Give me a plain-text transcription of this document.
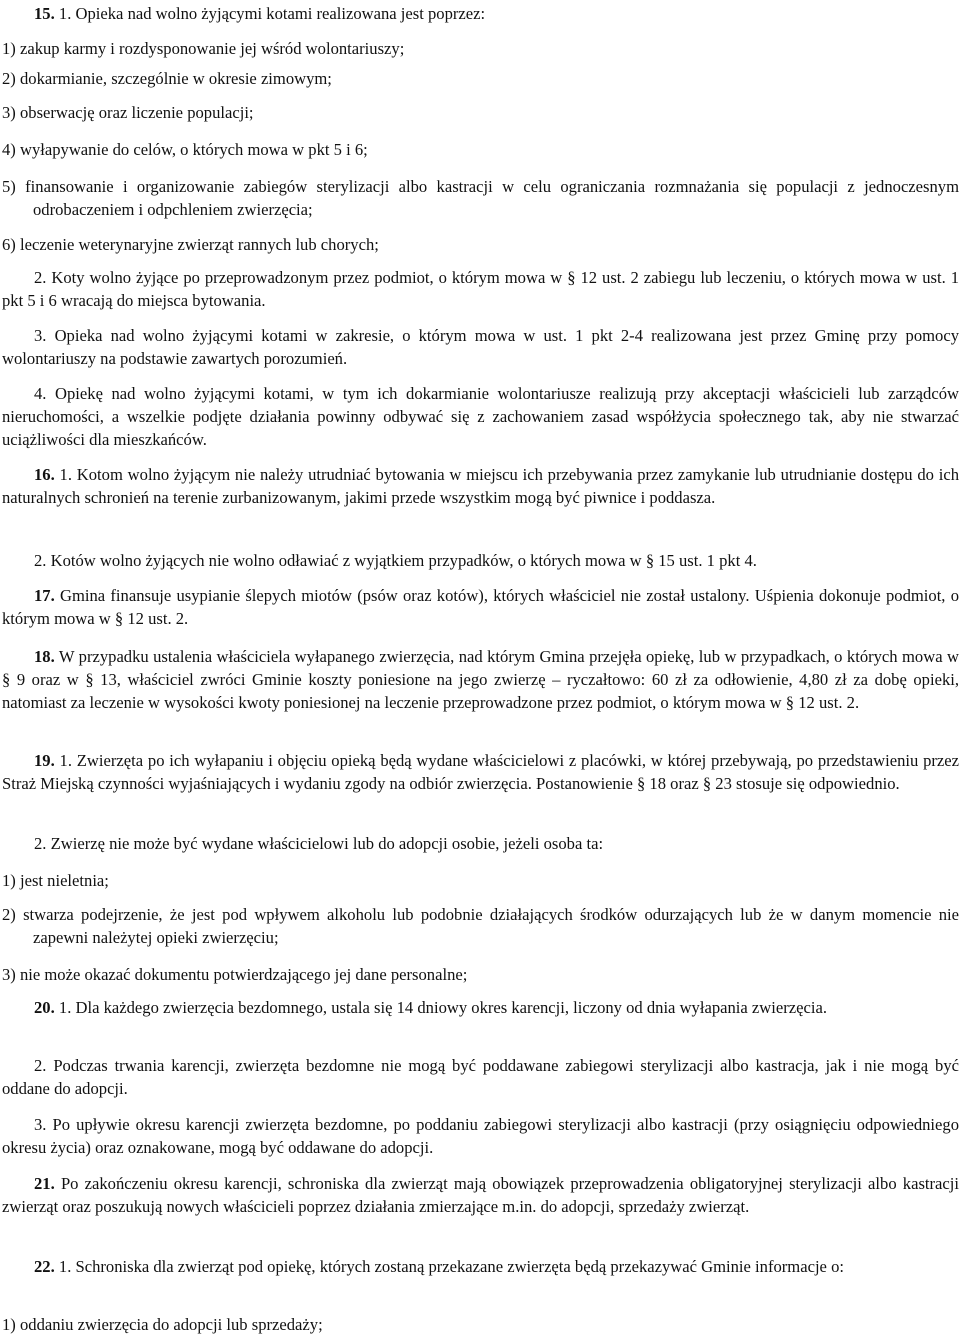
15. 1. Opieka nad wolno żyjącymi kotami realizowana jest poprzez:

1) zakup karmy i rozdysponowanie jej wśród wolontariuszy;

2) dokarmianie, szczególnie w okresie zimowym;

3) obserwację oraz liczenie populacji;

4) wyłapywanie do celów, o których mowa w pkt 5 i 6;

5) finansowanie i organizowanie zabiegów sterylizacji albo kastracji w celu ograniczania rozmnażania się populacji z jednoczesnym odrobaczeniem i odpchleniem zwierzęcia;

6) leczenie weterynaryjne zwierząt rannych lub chorych;

2. Koty wolno żyjące po przeprowadzonym przez podmiot, o którym mowa w § 12 ust. 2 zabiegu lub leczeniu, o których mowa w ust. 1 pkt 5 i 6 wracają do miejsca bytowania.

3. Opieka nad wolno żyjącymi kotami w zakresie, o którym mowa w ust. 1 pkt 2-4 realizowana jest przez Gminę przy pomocy wolontariuszy na podstawie zawartych porozumień.

4. Opiekę nad wolno żyjącymi kotami, w tym ich dokarmianie wolontariusze realizują przy akceptacji właścicieli lub zarządców nieruchomości, a wszelkie podjęte działania powinny odbywać się z zachowaniem zasad współżycia społecznego tak, aby nie stwarzać uciążliwości dla mieszkańców.

16. 1. Kotom wolno żyjącym nie należy utrudniać bytowania w miejscu ich przebywania przez zamykanie lub utrudnianie dostępu do ich naturalnych schronień na terenie zurbanizowanym, jakimi przede wszystkim mogą być piwnice i poddasza.

2. Kotów wolno żyjących nie wolno odławiać z wyjątkiem przypadków, o których mowa w § 15 ust. 1 pkt 4.

17. Gmina finansuje usypianie ślepych miotów (psów oraz kotów), których właściciel nie został ustalony. Uśpienia dokonuje podmiot, o którym mowa w § 12 ust. 2.

18. W przypadku ustalenia właściciela wyłapanego zwierzęcia, nad którym Gmina przejęła opiekę, lub w przypadkach, o których mowa w § 9 oraz w § 13, właściciel zwróci Gminie koszty poniesione na jego zwierzę – ryczałtowo: 60 zł za odłowienie, 4,80 zł za dobę opieki, natomiast za leczenie w wysokości kwoty poniesionej na leczenie przeprowadzone przez podmiot, o którym mowa w § 12 ust. 2.

19. 1. Zwierzęta po ich wyłapaniu i objęciu opieką będą wydane właścicielowi z placówki, w której przebywają, po przedstawieniu przez Straż Miejską czynności wyjaśniających i wydaniu zgody na odbiór zwierzęcia. Postanowienie § 18 oraz § 23 stosuje się odpowiednio.

2. Zwierzę nie może być wydane właścicielowi lub do adopcji osobie, jeżeli osoba ta:

1) jest nieletnia;

2) stwarza podejrzenie, że jest pod wpływem alkoholu lub podobnie działających środków odurzających lub że w danym momencie nie zapewni należytej opieki zwierzęciu;

3) nie może okazać dokumentu potwierdzającego jej dane personalne;

20. 1. Dla każdego zwierzęcia bezdomnego, ustala się 14 dniowy okres karencji, liczony od dnia wyłapania zwierzęcia.

2. Podczas trwania karencji, zwierzęta bezdomne nie mogą być poddawane zabiegowi sterylizacji albo kastracja, jak i nie mogą być oddane do adopcji.

3. Po upływie okresu karencji zwierzęta bezdomne, po poddaniu zabiegowi sterylizacji albo kastracji (przy osiągnięciu odpowiedniego okresu życia) oraz oznakowane, mogą być oddawane do adopcji.

21. Po zakończeniu okresu karencji, schroniska dla zwierząt mają obowiązek przeprowadzenia obligatoryjnej sterylizacji albo kastracji zwierząt oraz poszukują nowych właścicieli poprzez działania zmierzające m.in. do adopcji, sprzedaży zwierząt.

22. 1. Schroniska dla zwierząt pod opiekę, których zostaną przekazane zwierzęta będą przekazywać Gminie informacje o:

1) oddaniu zwierzęcia do adopcji lub sprzedaży;
